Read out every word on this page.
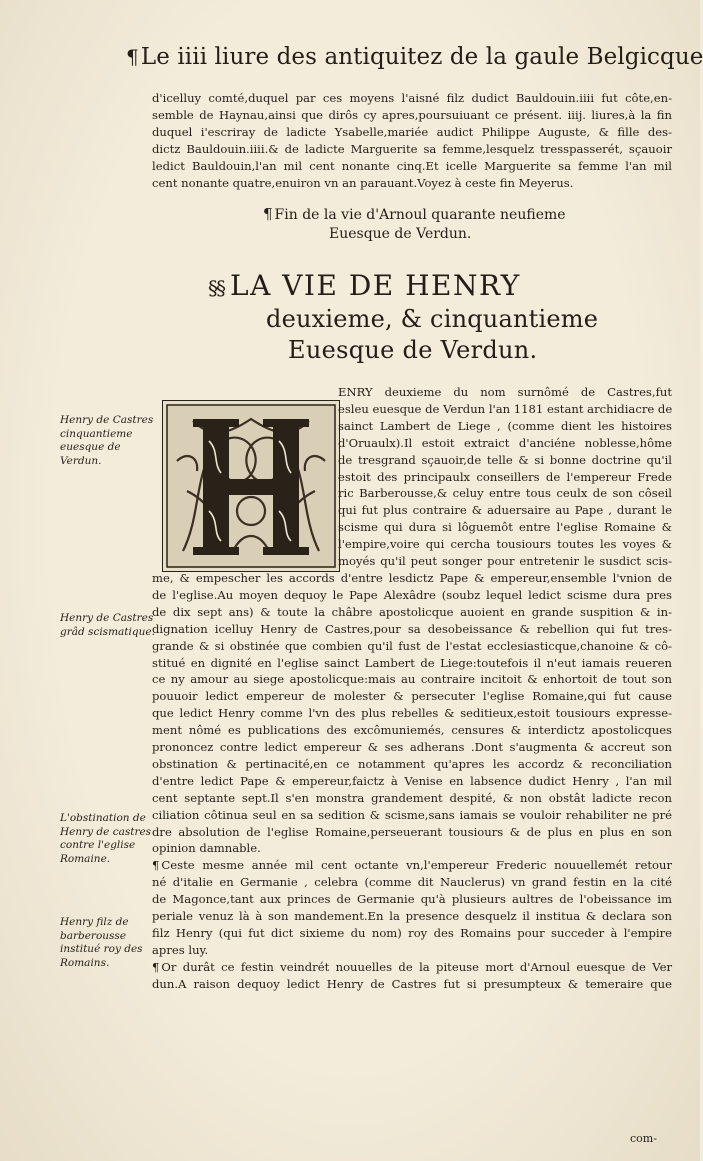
¶Le iiii liure des antiquitez de la gaule Belgicque
d'icelluy comté,duquel par ces moyens l'aisné filz dudict Bauldouin.iiii fut côte,en-
semble de Haynau,ainsi que dirôs cy apres,poursuiuant ce présent. iiij. liures,à la fin
duquel i'escriray de ladicte Ysabelle,mariée audict Philippe Auguste, & fille des-
dictz Bauldouin.iiii.& de ladicte Marguerite sa femme,lesquelz tresspasserét, sçauoir
ledict Bauldouin,l'an mil cent nonante cinq.Et icelle Marguerite sa femme l'an mil
cent nonante quatre,enuiron vn an parauant.Voyez à ceste fin Meyerus.
¶ Fin de la vie d'Arnoul quarante neufieme
Euesque de Verdun.
§§ LA VIE DE HENRY
deuxieme, & cinquantieme
Euesque de Verdun.
H	ENRY deuxieme du nom surnômé de Castres,fut
esleu euesque de Verdun l'an 1181 estant archidiacre de
sainct Lambert de Liege , (comme dient les histoires
d'Oruaulx).Il estoit extraict d'anciéne noblesse,hôme
de tresgrand sçauoir,de telle & si bonne doctrine qu'il
estoit des principaulx conseillers de l'empereur Frede
ric Barberousse,& celuy entre tous ceulx de son côseil
qui fut plus contraire & aduersaire au Pape , durant le
scisme qui dura si lôguemôt entre l'eglise Romaine &
l'empire,voire qui cercha tousiours toutes les voyes &
moyés qu'il peut songer pour entretenir le susdict scis-
me, & empescher les accords d'entre lesdictz Pape & empereur,ensemble l'vnion de
de l'eglise.Au moyen dequoy le Pape Alexâdre (soubz lequel ledict scisme dura pres
de dix sept ans) & toute la châbre apostolicque auoient en grande suspition & in-
dignation icelluy Henry de Castres,pour sa desobeissance & rebellion qui fut tres-
grande & si obstinée que combien qu'il fust de l'estat ecclesiasticque,chanoine & cô-
stitué en dignité en l'eglise sainct Lambert de Liege:toutefois il n'eut iamais reueren
ce ny amour au siege apostolicque:mais au contraire incitoit & enhortoit de tout son
pouuoir ledict empereur de molester & persecuter l'eglise Romaine,qui fut cause
que ledict Henry comme l'vn des plus rebelles & seditieux,estoit tousiours expresse-
ment nômé es publications des excômuniemés, censures & interdictz apostolicques
prononcez contre ledict empereur & ses adherans .Dont s'augmenta & accreut son
obstination & pertinacité,en ce notamment qu'apres les accordz & reconciliation
d'entre ledict Pape & empereur,faictz à Venise en labsence dudict Henry , l'an mil
cent septante sept.Il s'en monstra grandement despité, & non obstât ladicte recon
ciliation côtinua seul en sa sedition & scisme,sans iamais se vouloir rehabiliter ne pré
dre absolution de l'eglise Romaine,perseuerant tousiours & de plus en plus en son
opinion damnable.
¶ Ceste mesme année mil cent octante vn,l'empereur Frederic nouuellemét retour
né d'italie en Germanie , celebra (comme dit Nauclerus) vn grand festin en la cité
de Magonce,tant aux princes de Germanie qu'à plusieurs aultres de l'obeissance im
periale venuz là à son mandement.En la presence desquelz il institua & declara son
filz Henry (qui fut dict sixieme du nom) roy des Romains pour succeder à l'empire
apres luy.
¶ Or durât ce festin veindrét nouuelles de la piteuse mort d'Arnoul euesque de Ver
dun.A raison dequoy ledict Henry de Castres fut si presumpteux & temeraire que
Henry de Castres cinquantieme euesque de Verdun.
Henry de Castres grâd scismatique.
L'obstination de Henry de castres contre l'eglise Romaine.
Henry filz de barberousse institué roy des Romains.
com-
